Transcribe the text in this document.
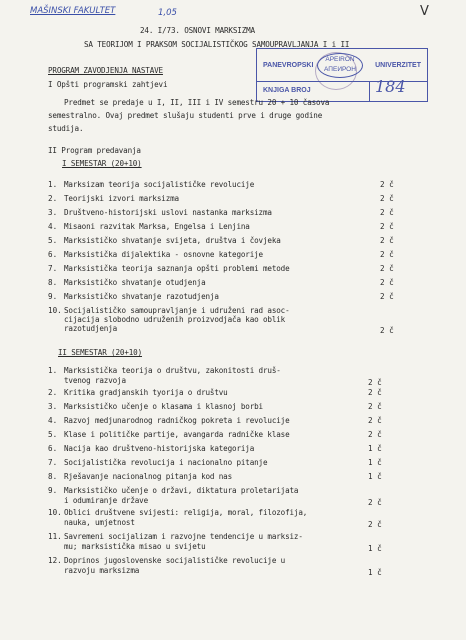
MAŠINSKI FAKULTET	1,05	V
24. I/73. OSNOVI MARKSIZMA
SA TEORIJOM I PRAKSOM SOCIJALISTIČKOG SAMOUPRAVLJANJA I i II
PANEVROPSKI
APEIRON
АПЕИРОН
UNIVERZITET
KNJIGA BROJ	184
PROGRAM ZAVODJENJA NASTAVE
I Opšti programski zahtjevi
Predmet se predaje u I, II, III i IV semestru 20 + 10 časova
semestralno. Ovaj predmet slušaju studenti prve i druge godine
studija.
II Program predavanja
I SEMESTAR (20+10)
1. Marksizam teorija socijalističke revolucije	2 č
2. Teorijski izvori marksizma	2 č
3. Društveno-historijski uslovi nastanka marksizma	2 č
4. Misaoni razvitak Marksa, Engelsa i Lenjina	2 č
5. Marksističko shvatanje svijeta, društva i čovjeka	2 č
6. Marksistička dijalektika - osnovne kategorije	2 č
7. Marksistička teorija saznanja opšti problemi metode	2 č
8. Marksističko shvatanje otudjenja	2 č
9. Marksističko shvatanje razotudjenja	2 č
10. Socijalističko samoupravljanje i udruženi rad asoc-
cijacija slobodno udruženih proizvodjača kao oblik
razotudjenja	2 č
II SEMESTAR (20+10)
1. Marksistička teorija o društvu, zakonitosti druš-
tvenog razvoja	2 č
2. Kritika gradjanskih tyorija o društvu	2 č
3. Marksističko učenje o klasama i klasnoj borbi	2 č
4. Razvoj medjunarodnog radničkog pokreta i revolucije	2 č
5. Klase i političke partije, avangarda radničke klase	2 č
6. Nacija kao društveno-historijska kategorija	1 č
7. Socijalistička revolucija i nacionalno pitanje	1 č
8. Rješavanje nacionalnog pitanja kod nas	1 č
9. Marksističko učenje o državi, diktatura proletarijata
i odumiranje države	2 č
10. Oblici društvene svijesti: religija, moral, filozofija,
nauka, umjetnost	2 č
11. Savremeni socijalizam i razvojne tendencije u marksiz-
mu; marksistička misao u svijetu	1 č
12. Doprinos jugoslovenske socijalističke revolucije u
razvoju marksizma	1 č
